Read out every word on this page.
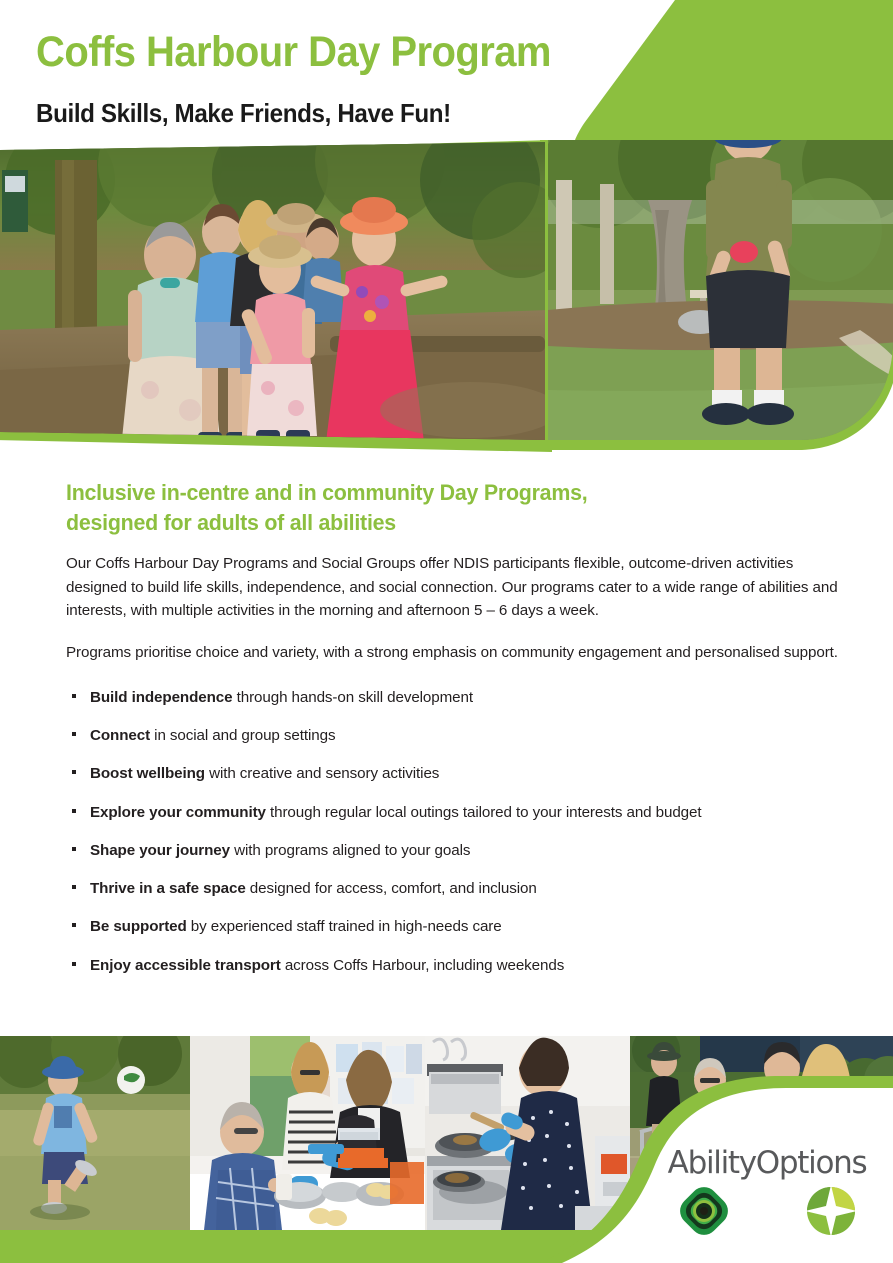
Coffs Harbour Day Program
Build Skills, Make Friends, Have Fun!
Inclusive in-centre and in community Day Programs,
designed for adults of all abilities

Our Coffs Harbour Day Programs and Social Groups offer NDIS participants flexible, outcome-driven activities designed to build life skills, independence, and social connection. Our programs cater to a wide range of abilities and interests, with multiple activities in the morning and afternoon 5 – 6 days a week.

Programs prioritise choice and variety, with a strong emphasis on community engagement and personalised support.

Build independence through hands-on skill development
Connect in social and group settings
Boost wellbeing with creative and sensory activities
Explore your community through regular local outings tailored to your interests and budget
Shape your journey with programs aligned to your goals
Thrive in a safe space designed for access, comfort, and inclusion
Be supported by experienced staff trained in high-needs care
Enjoy accessible transport across Coffs Harbour, including weekends
AbilityOptions
